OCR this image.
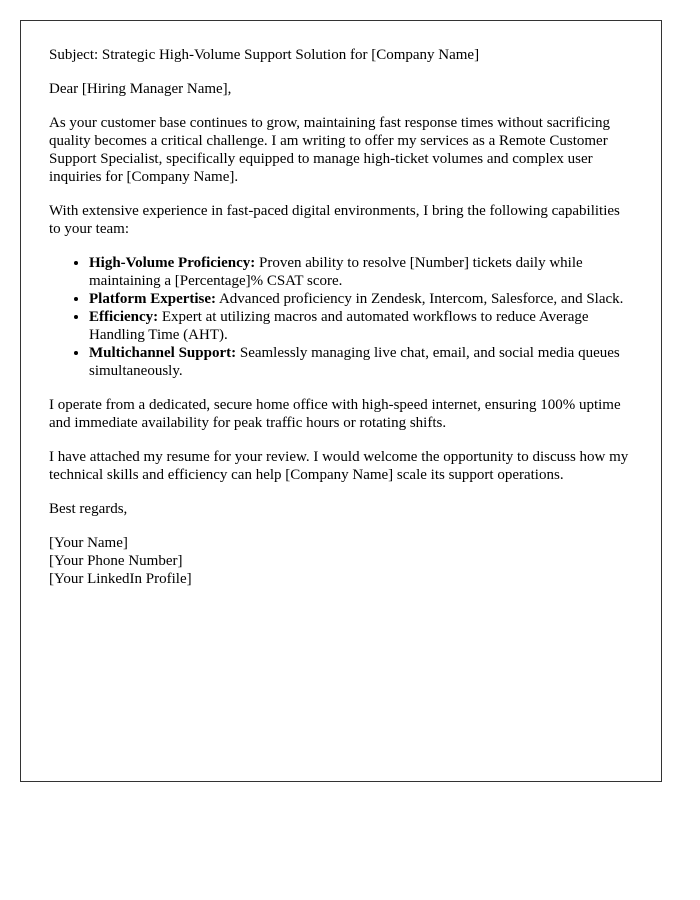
Subject: Strategic High-Volume Support Solution for [Company Name]

Dear [Hiring Manager Name],

As your customer base continues to grow, maintaining fast response times without sacrificing quality becomes a critical challenge. I am writing to offer my services as a Remote Customer Support Specialist, specifically equipped to manage high-ticket volumes and complex user inquiries for [Company Name].

With extensive experience in fast-paced digital environments, I bring the following capabilities to your team:

• High-Volume Proficiency: Proven ability to resolve [Number] tickets daily while maintaining a [Percentage]% CSAT score.
• Platform Expertise: Advanced proficiency in Zendesk, Intercom, Salesforce, and Slack.
• Efficiency: Expert at utilizing macros and automated workflows to reduce Average Handling Time (AHT).
• Multichannel Support: Seamlessly managing live chat, email, and social media queues simultaneously.

I operate from a dedicated, secure home office with high-speed internet, ensuring 100% uptime and immediate availability for peak traffic hours or rotating shifts.

I have attached my resume for your review. I would welcome the opportunity to discuss how my technical skills and efficiency can help [Company Name] scale its support operations.

Best regards,

[Your Name]

[Your Phone Number]

[Your LinkedIn Profile]
